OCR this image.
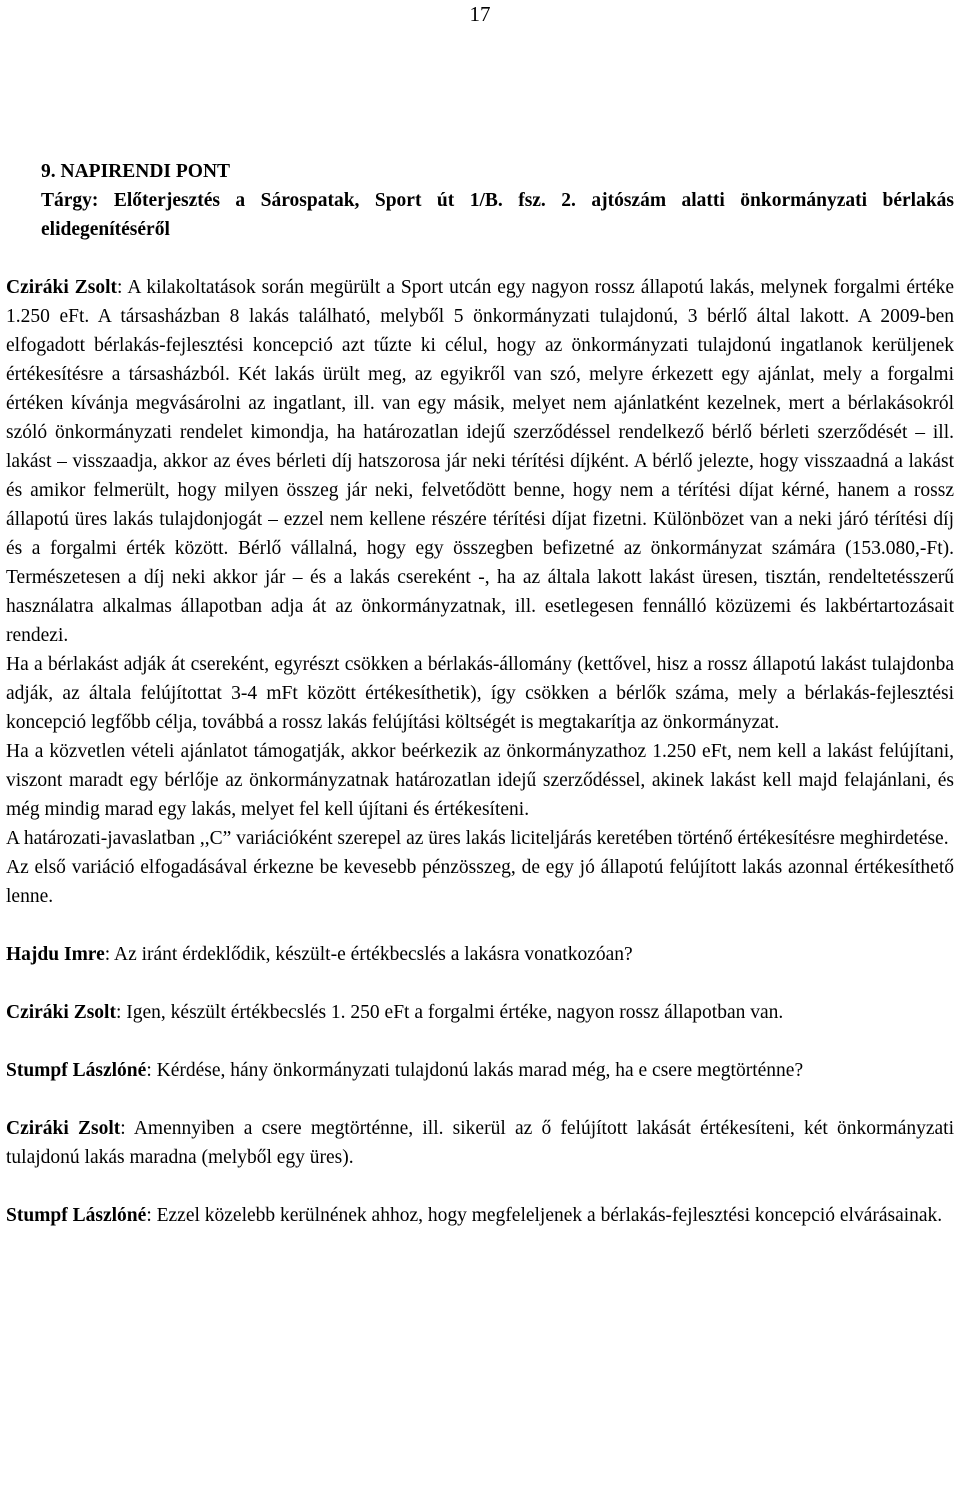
17
9. NAPIRENDI PONT
Tárgy: Előterjesztés a Sárospatak, Sport út 1/B. fsz. 2. ajtószám alatti önkormányzati bérlakás elidegenítéséről
Cziráki Zsolt: A kilakoltatások során megürült a Sport utcán egy nagyon rossz állapotú lakás, melynek forgalmi értéke 1.250 eFt. A társasházban 8 lakás található, melyből 5 önkormányzati tulajdonú, 3 bérlő által lakott. A 2009-ben elfogadott bérlakás-fejlesztési koncepció azt tűzte ki célul, hogy az önkormányzati tulajdonú ingatlanok kerüljenek értékesítésre a társasházból. Két lakás ürült meg, az egyikről van szó, melyre érkezett egy ajánlat, mely a forgalmi értéken kívánja megvásárolni az ingatlant, ill. van egy másik, melyet nem ajánlatként kezelnek, mert a bérlakásokról szóló önkormányzati rendelet kimondja, ha határozatlan idejű szerződéssel rendelkező bérlő bérleti szerződését – ill. lakást – visszaadja, akkor az éves bérleti díj hatszorosa jár neki térítési díjként. A bérlő jelezte, hogy visszaadná a lakást és amikor felmerült, hogy milyen összeg jár neki, felvetődött benne, hogy nem a térítési díjat kérné, hanem a rossz állapotú üres lakás tulajdonjogát – ezzel nem kellene részére térítési díjat fizetni. Különbözet van a neki járó térítési díj és a forgalmi érték között. Bérlő vállalná, hogy egy összegben befizetné az önkormányzat számára (153.080,-Ft). Természetesen a díj neki akkor jár – és a lakás csereként -, ha az általa lakott lakást üresen, tisztán, rendeltetésszerű használatra alkalmas állapotban adja át az önkormányzatnak, ill. esetlegesen fennálló közüzemi és lakbértartozásait rendezi.
Ha a bérlakást adják át csereként, egyrészt csökken a bérlakás-állomány (kettővel, hisz a rossz állapotú lakást tulajdonba adják, az általa felújítottat 3-4 mFt között értékesíthetik), így csökken a bérlők száma, mely a bérlakás-fejlesztési koncepció legfőbb célja, továbbá a rossz lakás felújítási költségét is megtakarítja az önkormányzat.
Ha a közvetlen vételi ajánlatot támogatják, akkor beérkezik az önkormányzathoz 1.250 eFt, nem kell a lakást felújítani, viszont maradt egy bérlője az önkormányzatnak határozatlan idejű szerződéssel, akinek lakást kell majd felajánlani, és még mindig marad egy lakás, melyet fel kell újítani és értékesíteni.
A határozati-javaslatban ,,C” variációként szerepel az üres lakás liciteljárás keretében történő értékesítésre meghirdetése.
Az első variáció elfogadásával érkezne be kevesebb pénzösszeg, de egy jó állapotú felújított lakás azonnal értékesíthető lenne.
Hajdu Imre: Az iránt érdeklődik, készült-e értékbecslés a lakásra vonatkozóan?
Cziráki Zsolt: Igen, készült értékbecslés 1. 250 eFt a forgalmi értéke, nagyon rossz állapotban van.
Stumpf Lászlóné: Kérdése, hány önkormányzati tulajdonú lakás marad még, ha e csere megtörténne?
Cziráki Zsolt: Amennyiben a csere megtörténne, ill. sikerül az ő felújított lakását értékesíteni, két önkormányzati tulajdonú lakás maradna (melyből egy üres).
Stumpf Lászlóné: Ezzel közelebb kerülnének ahhoz, hogy megfeleljenek a bérlakás-fejlesztési koncepció elvárásainak.
